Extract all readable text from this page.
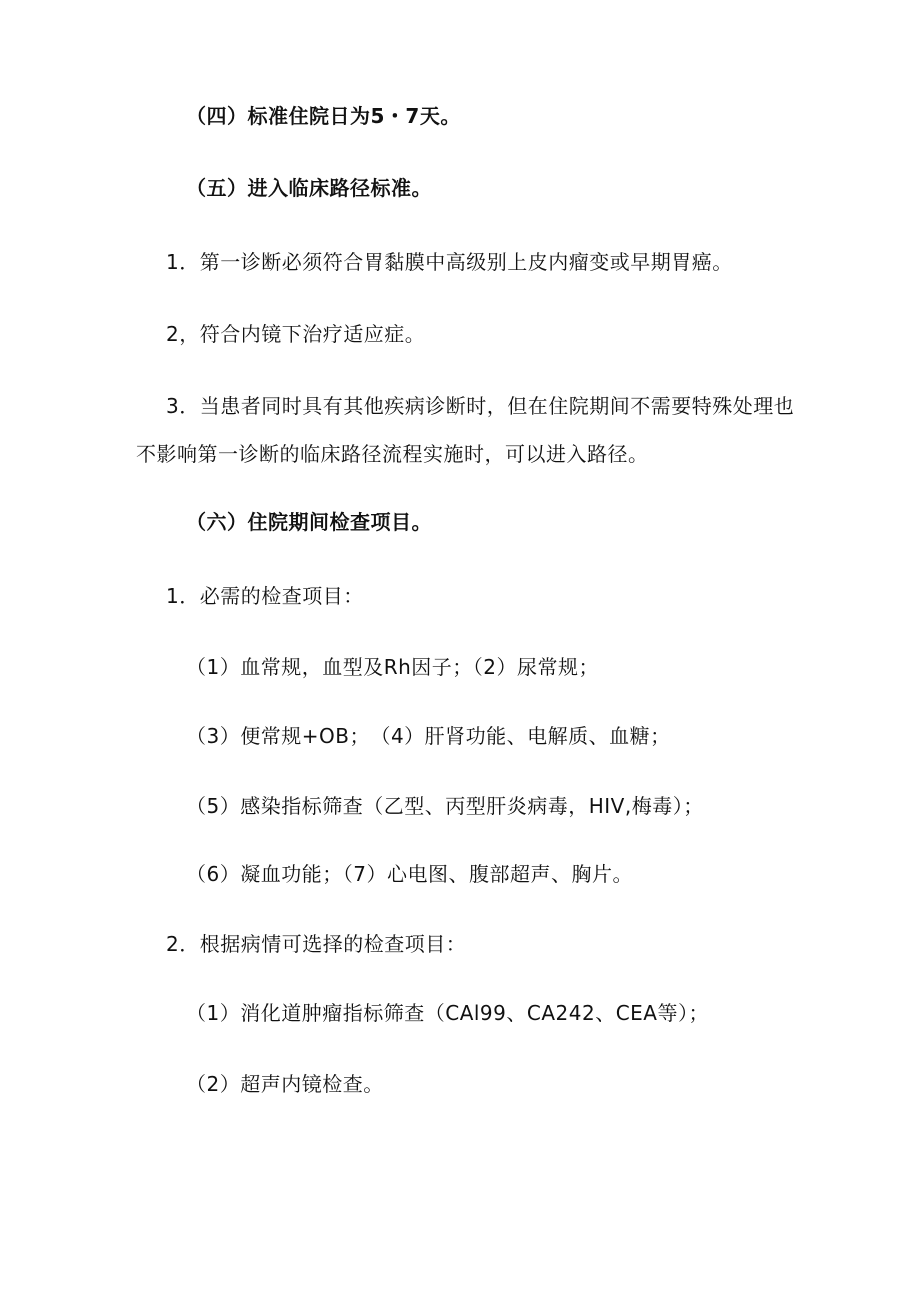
（四）标准住院日为5・7天。
（五）进入临床路径标准。
1．第一诊断必须符合胃黏膜中高级别上皮内瘤变或早期胃癌。
2，符合内镜下治疗适应症。
3．当患者同时具有其他疾病诊断时，但在住院期间不需要特殊处理也
不影响第一诊断的临床路径流程实施时，可以进入路径。
（六）住院期间检查项目。
1．必需的检查项目：
（1）血常规，血型及Rh因子；（2）尿常规；
（3）便常规+OB；　（4）肝肾功能、电解质、血糖；
（5）感染指标筛查（乙型、丙型肝炎病毒，HIV,梅毒）；
（6）凝血功能；（7）心电图、腹部超声、胸片。
2．根据病情可选择的检查项目：
（1）消化道肿瘤指标筛查（CAl99、CA242、CEA等）；
（2）超声内镜检查。
